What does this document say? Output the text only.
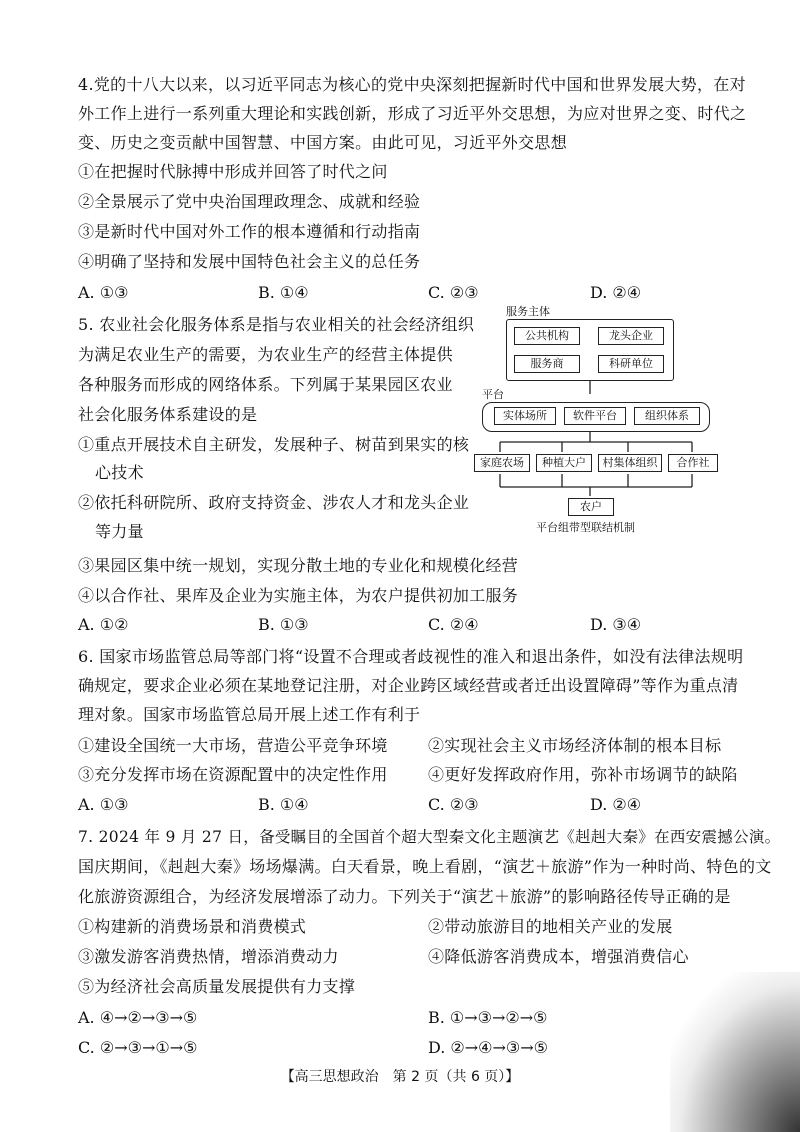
4.党的十八大以来，以习近平同志为核心的党中央深刻把握新时代中国和世界发展大势，在对
外工作上进行一系列重大理论和实践创新，形成了习近平外交思想，为应对世界之变、时代之
变、历史之变贡献中国智慧、中国方案。由此可见，习近平外交思想
①在把握时代脉搏中形成并回答了时代之问
②全景展示了党中央治国理政理念、成就和经验
③是新时代中国对外工作的根本遵循和行动指南
④明确了坚持和发展中国特色社会主义的总任务
A. ①③	B. ①④	C. ②③	D. ②④
5. 农业社会化服务体系是指与农业相关的社会经济组织
为满足农业生产的需要，为农业生产的经营主体提供
各种服务而形成的网络体系。下列属于某果园区农业
社会化服务体系建设的是
①重点开展技术自主研发，发展种子、树苗到果实的核
心技术
②依托科研院所、政府支持资金、涉农人才和龙头企业
等力量
③果园区集中统一规划，实现分散土地的专业化和规模化经营
④以合作社、果库及企业为实施主体，为农户提供初加工服务
A. ①②	B. ①③	C. ②④	D. ③④
服务主体
公共机构	龙头企业
服务商	科研单位
平台
实体场所	软件平台	组织体系
家庭农场	种植大户	村集体组织	合作社
农户
平台组带型联结机制
6. 国家市场监管总局等部门将“设置不合理或者歧视性的准入和退出条件，如没有法律法规明
确规定，要求企业必须在某地登记注册，对企业跨区域经营或者迁出设置障碍”等作为重点清
理对象。国家市场监管总局开展上述工作有利于
①建设全国统一大市场，营造公平竞争环境	②实现社会主义市场经济体制的根本目标
③充分发挥市场在资源配置中的决定性作用	④更好发挥政府作用，弥补市场调节的缺陷
A. ①③	B. ①④	C. ②③	D. ②④
7. 2024 年 9 月 27 日，备受瞩目的全国首个超大型秦文化主题演艺《赳赳大秦》在西安震撼公演。
国庆期间，《赳赳大秦》场场爆满。白天看景，晚上看剧，“演艺＋旅游”作为一种时尚、特色的文
化旅游资源组合，为经济发展增添了动力。下列关于“演艺＋旅游”的影响路径传导正确的是
①构建新的消费场景和消费模式	②带动旅游目的地相关产业的发展
③激发游客消费热情，增添消费动力	④降低游客消费成本，增强消费信心
⑤为经济社会高质量发展提供有力支撑
A. ④→②→③→⑤	B. ①→③→②→⑤
C. ②→③→①→⑤	D. ②→④→③→⑤
【高三思想政治　第 2 页（共 6 页）】
